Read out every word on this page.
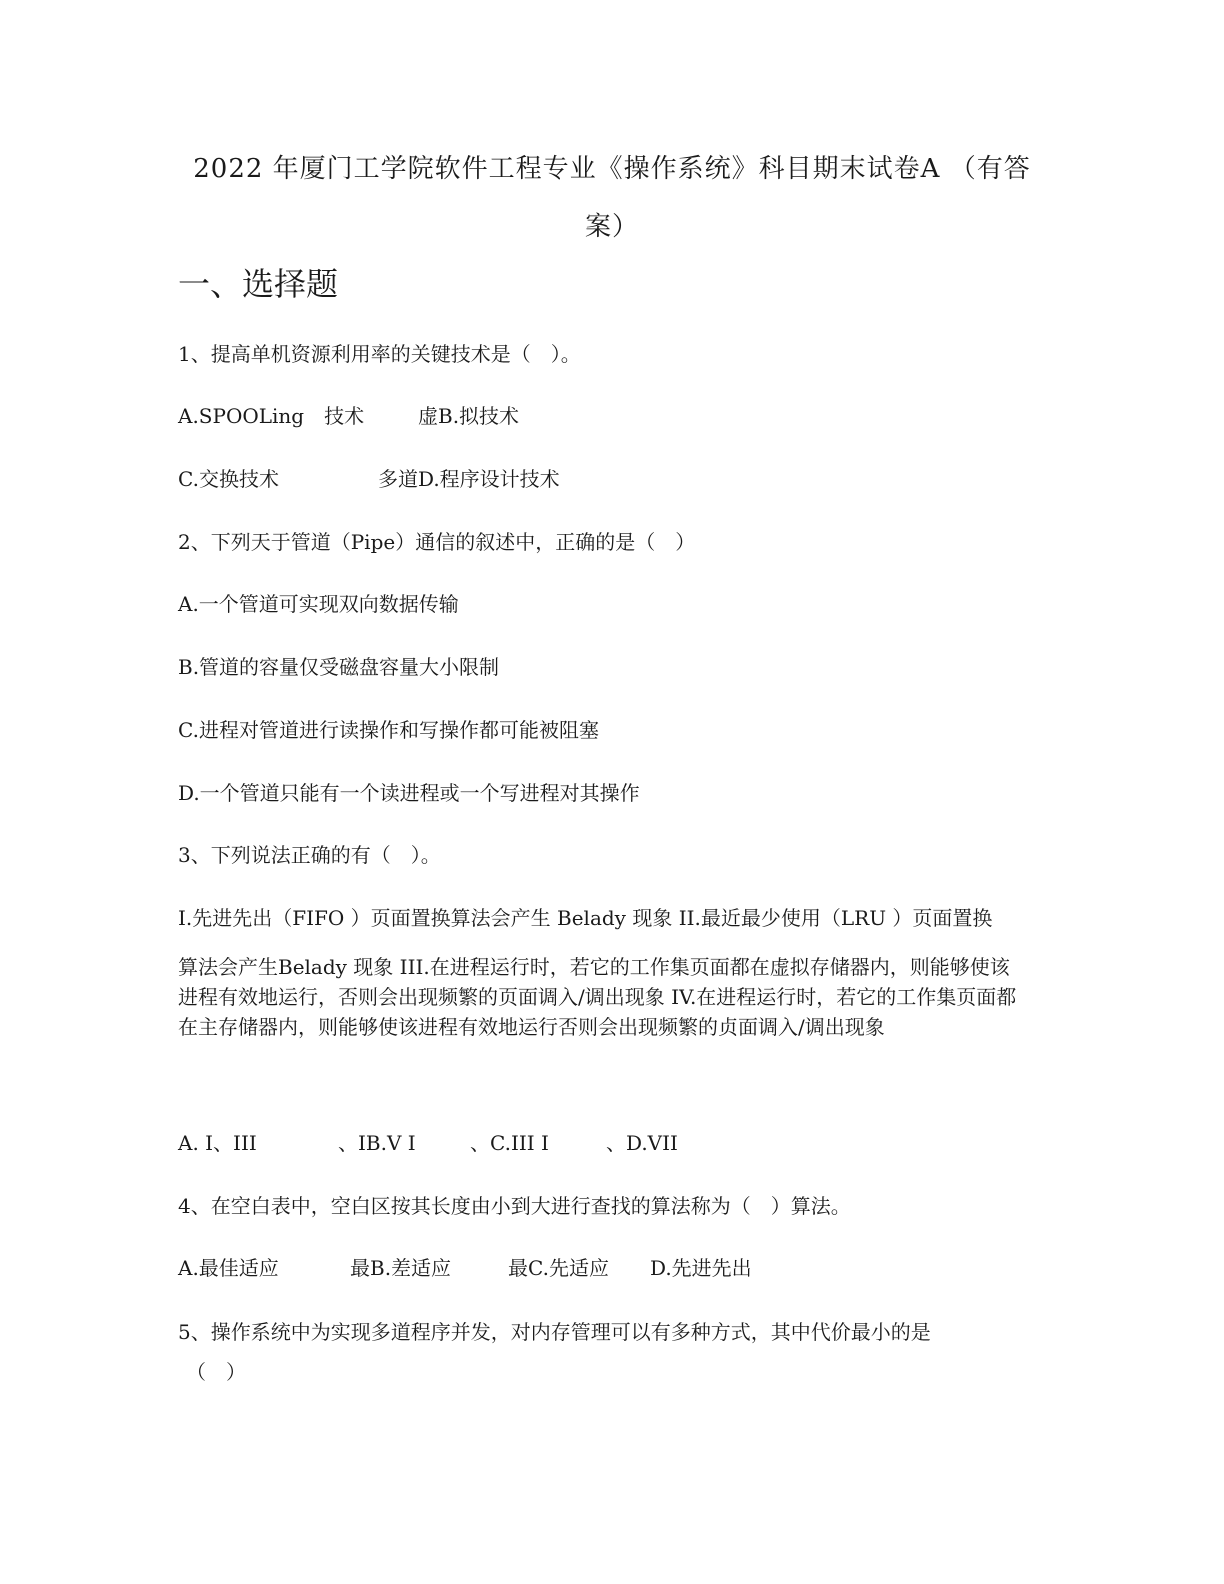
2022 年厦门工学院软件工程专业《操作系统》科目期末试卷A （有答案）
一、选择题
1、提高单机资源利用率的关键技术是（　）。
A.SPOOLing　技术	虚B.拟技术
C.交换技术	多道D.程序设计技术
2、下列天于管道（Pipe）通信的叙述中，正确的是（　）
A.一个管道可实现双向数据传输
B.管道的容量仅受磁盘容量大小限制
C.进程对管道进行读操作和写操作都可能被阻塞
D.一个管道只能有一个读进程或一个写进程对其操作
3、下列说法正确的有（　）。
I.先进先出（FIFO ）页面置换算法会产生 Belady 现象 II.最近最少使用（LRU ）页面置换
算法会产生Belady 现象 III.在进程运行时，若它的工作集页面都在虚拟存储器内，则能够使该进程有效地运行，否则会出现频繁的页面调入/调出现象 IV.在进程运行时，若它的工作集页面都在主存储器内，则能够使该进程有效地运行否则会出现频繁的贞面调入/调出现象
A. I、III	、IB.V I	、C.III I	、D.VII
4、在空白表中，空白区按其长度由小到大进行查找的算法称为（　）算法。
A.最佳适应	最B.差适应	最C.先适应 D.先进先出
5、操作系统中为实现多道程序并发，对内存管理可以有多种方式，其中代价最小的是
（　）
